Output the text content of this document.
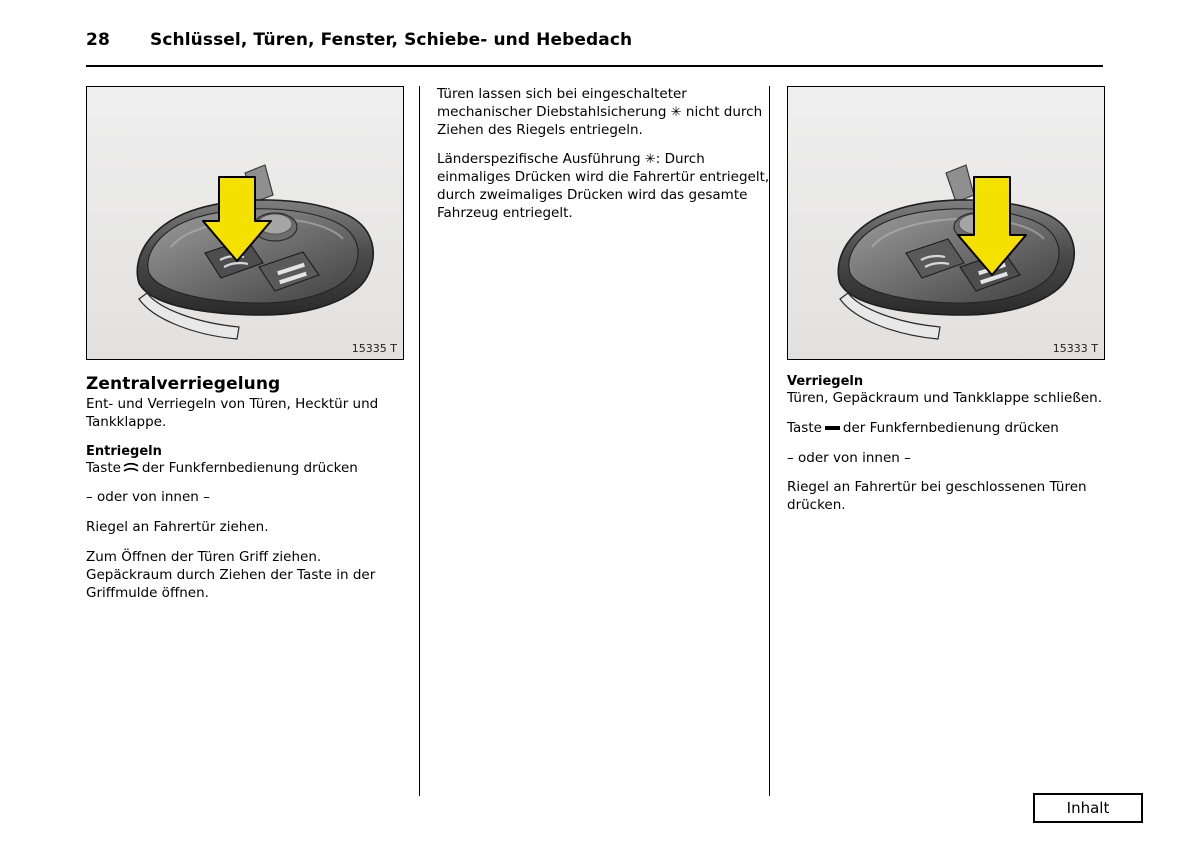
28	Schlüssel, Türen, Fenster, Schiebe- und Hebedach
15335 T
Zentralverriegelung

Ent- und Verriegeln von Türen, Hecktür und Tankklappe.

Entriegeln

Taste der Funkfernbedienung drücken

– oder von innen –

Riegel an Fahrertür ziehen.

Zum Öffnen der Türen Griff ziehen. Gepäckraum durch Ziehen der Taste in der Griffmulde öffnen.

Türen lassen sich bei eingeschalteter mechanischer Diebstahlsicherung ✳ nicht durch Ziehen des Riegels entriegeln.

Länderspezifische Ausführung ✳: Durch einmaliges Drücken wird die Fahrertür entriegelt, durch zweimaliges Drücken wird das gesamte Fahrzeug entriegelt.

15333 T
Verriegeln

Türen, Gepäckraum und Tankklappe schließen.

Taste der Funkfernbedienung drücken

– oder von innen –

Riegel an Fahrertür bei geschlossenen Türen drücken.

Inhalt
